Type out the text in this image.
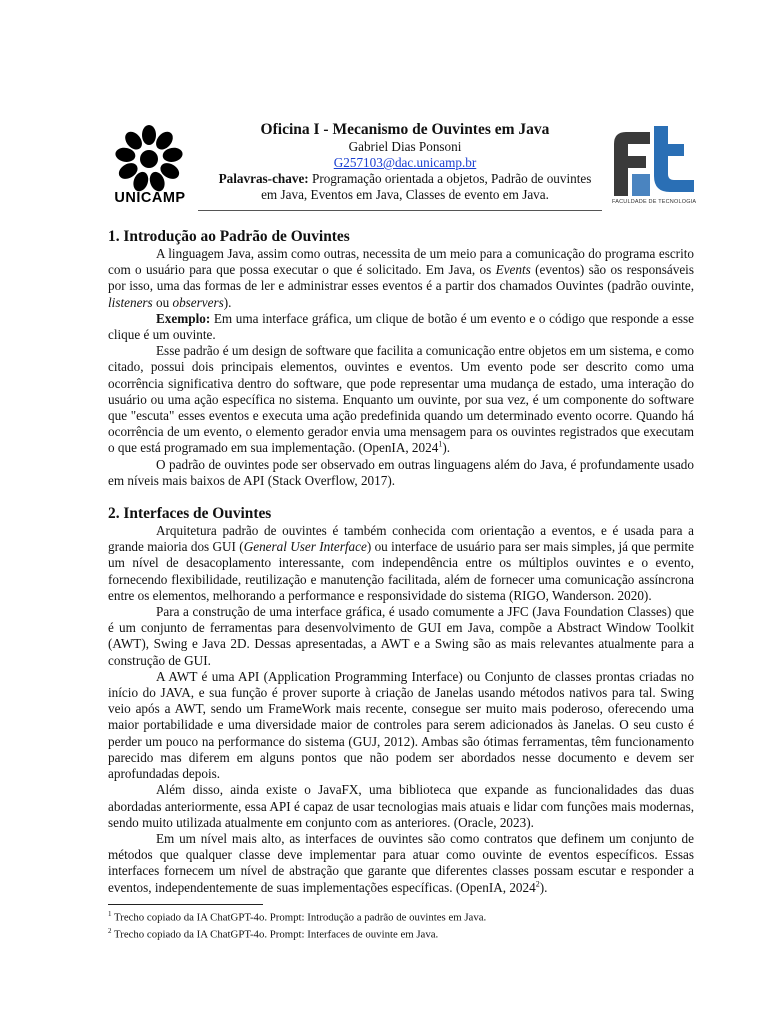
UNICAMP	FACULDADE DE TECNOLOGIA
Oficina I - Mecanismo de Ouvintes em Java
Gabriel Dias Ponsoni
G257103@dac.unicamp.br
Palavras-chave: Programação orientada a objetos, Padrão de ouvintes
em Java, Eventos em Java, Classes de evento em Java.
1. Introdução ao Padrão de Ouvintes

A linguagem Java, assim como outras, necessita de um meio para a comunicação do programa escrito com o usuário para que possa executar o que é solicitado. Em Java, os Events (eventos) são os responsáveis por isso, uma das formas de ler e administrar esses eventos é a partir dos chamados Ouvintes (padrão ouvinte, listeners ou observers).

Exemplo: Em uma interface gráfica, um clique de botão é um evento e o código que responde a esse clique é um ouvinte.

Esse padrão é um design de software que facilita a comunicação entre objetos em um sistema, e como citado, possui dois principais elementos, ouvintes e eventos. Um evento pode ser descrito como uma ocorrência significativa dentro do software, que pode representar uma mudança de estado, uma interação do usuário ou uma ação específica no sistema. Enquanto um ouvinte, por sua vez, é um componente do software que "escuta" esses eventos e executa uma ação predefinida quando um determinado evento ocorre. Quando há ocorrência de um evento, o elemento gerador envia uma mensagem para os ouvintes registrados que executam o que está programado em sua implementação. (OpenIA, 2024$^1$).

O padrão de ouvintes pode ser observado em outras linguagens além do Java, é profundamente usado em níveis mais baixos de API (Stack Overflow, 2017).

2. Interfaces de Ouvintes

Arquitetura padrão de ouvintes é também conhecida com orientação a eventos, e é usada para a grande maioria dos GUI (General User Interface) ou interface de usuário para ser mais simples, já que permite um nível de desacoplamento interessante, com independência entre os múltiplos ouvintes e o evento, fornecendo flexibilidade, reutilização e manutenção facilitada, além de fornecer uma comunicação assíncrona entre os elementos, melhorando a performance e responsividade do sistema (RIGO, Wanderson. 2020).

Para a construção de uma interface gráfica, é usado comumente a JFC (Java Foundation Classes) que é um conjunto de ferramentas para desenvolvimento de GUI em Java, compõe a Abstract Window Toolkit (AWT), Swing e Java 2D. Dessas apresentadas, a AWT e a Swing são as mais relevantes atualmente para a construção de GUI.

A AWT é uma API (Application Programming Interface) ou Conjunto de classes prontas criadas no início do JAVA, e sua função é prover suporte à criação de Janelas usando métodos nativos para tal. Swing veio após a AWT, sendo um FrameWork mais recente, consegue ser muito mais poderoso, oferecendo uma maior portabilidade e uma diversidade maior de controles para serem adicionados às Janelas. O seu custo é perder um pouco na performance do sistema (GUJ, 2012). Ambas são ótimas ferramentas, têm funcionamento parecido mas diferem em alguns pontos que não podem ser abordados nesse documento e devem ser aprofundadas depois.

Além disso, ainda existe o JavaFX, uma biblioteca que expande as funcionalidades das duas abordadas anteriormente, essa API é capaz de usar tecnologias mais atuais e lidar com funções mais modernas, sendo muito utilizada atualmente em conjunto com as anteriores. (Oracle, 2023).

Em um nível mais alto, as interfaces de ouvintes são como contratos que definem um conjunto de métodos que qualquer classe deve implementar para atuar como ouvinte de eventos específicos. Essas interfaces fornecem um nível de abstração que garante que diferentes classes possam escutar e responder a eventos, independentemente de suas implementações específicas. (OpenIA, 2024$^2$).

$^1$ Trecho copiado da IA ChatGPT-4o. Prompt: Introdução a padrão de ouvintes em Java.
$^2$ Trecho copiado da IA ChatGPT-4o. Prompt: Interfaces de ouvinte em Java.
